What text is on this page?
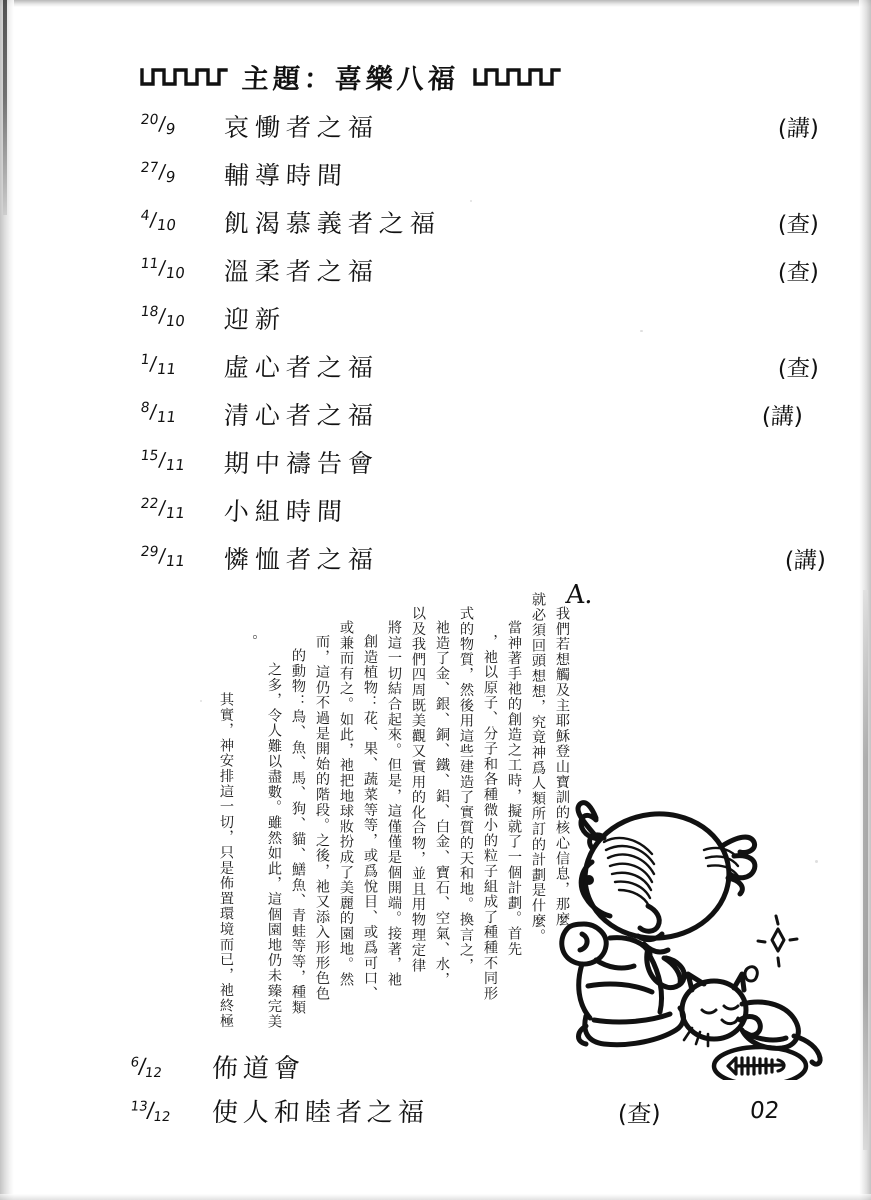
主題：喜樂八福
$^{20}/_9$	哀慟者之福	(講)
$^{27}/_9$	輔導時間
$^4/_{10}$	飢渴慕義者之福	(查)
$^{11}/_{10}$	溫柔者之福	(查)
$^{18}/_{10}$	迎新
$^1/_{11}$	虛心者之福	(查)
$^8/_{11}$	清心者之福	(講)
$^{15}/_{11}$	期中禱告會
$^{22}/_{11}$	小組時間
$^{29}/_{11}$	憐恤者之福	(講)
A.
我們若想觸及主耶穌登山寶訓的核心信息，那麼，
就必須回頭想想，究竟神爲人類所訂的計劃是什麼。
當神著手祂的創造之工時，擬就了一個計劃。首先
，祂以原子、分子和各種微小的粒子組成了種種不同形
式的物質，然後用這些建造了實質的天和地。換言之，
祂造了金、銀、銅、鐵、鋁、白金、寶石、空氣、水，
以及我們四周既美觀又實用的化合物，並且用物理定律
將這一切結合起來。但是，這僅僅是個開端。接著，祂
創造植物：花、果、蔬菜等等，或爲悅目、或爲可口、
或兼而有之。如此，祂把地球妝扮成了美麗的園地。然
而，這仍不過是開始的階段。之後，祂又添入形形色色
的動物：鳥、魚、馬、狗、貓、鱔魚、青蛙等等，種類
之多，令人難以盡數。雖然如此，這個園地仍未臻完美
。
其實，神安排這一切，只是佈置環境而已，祂終極
$^6/_{12}$ 佈道會
$^{13}/_{12}$ 使人和睦者之福	(查)	02
